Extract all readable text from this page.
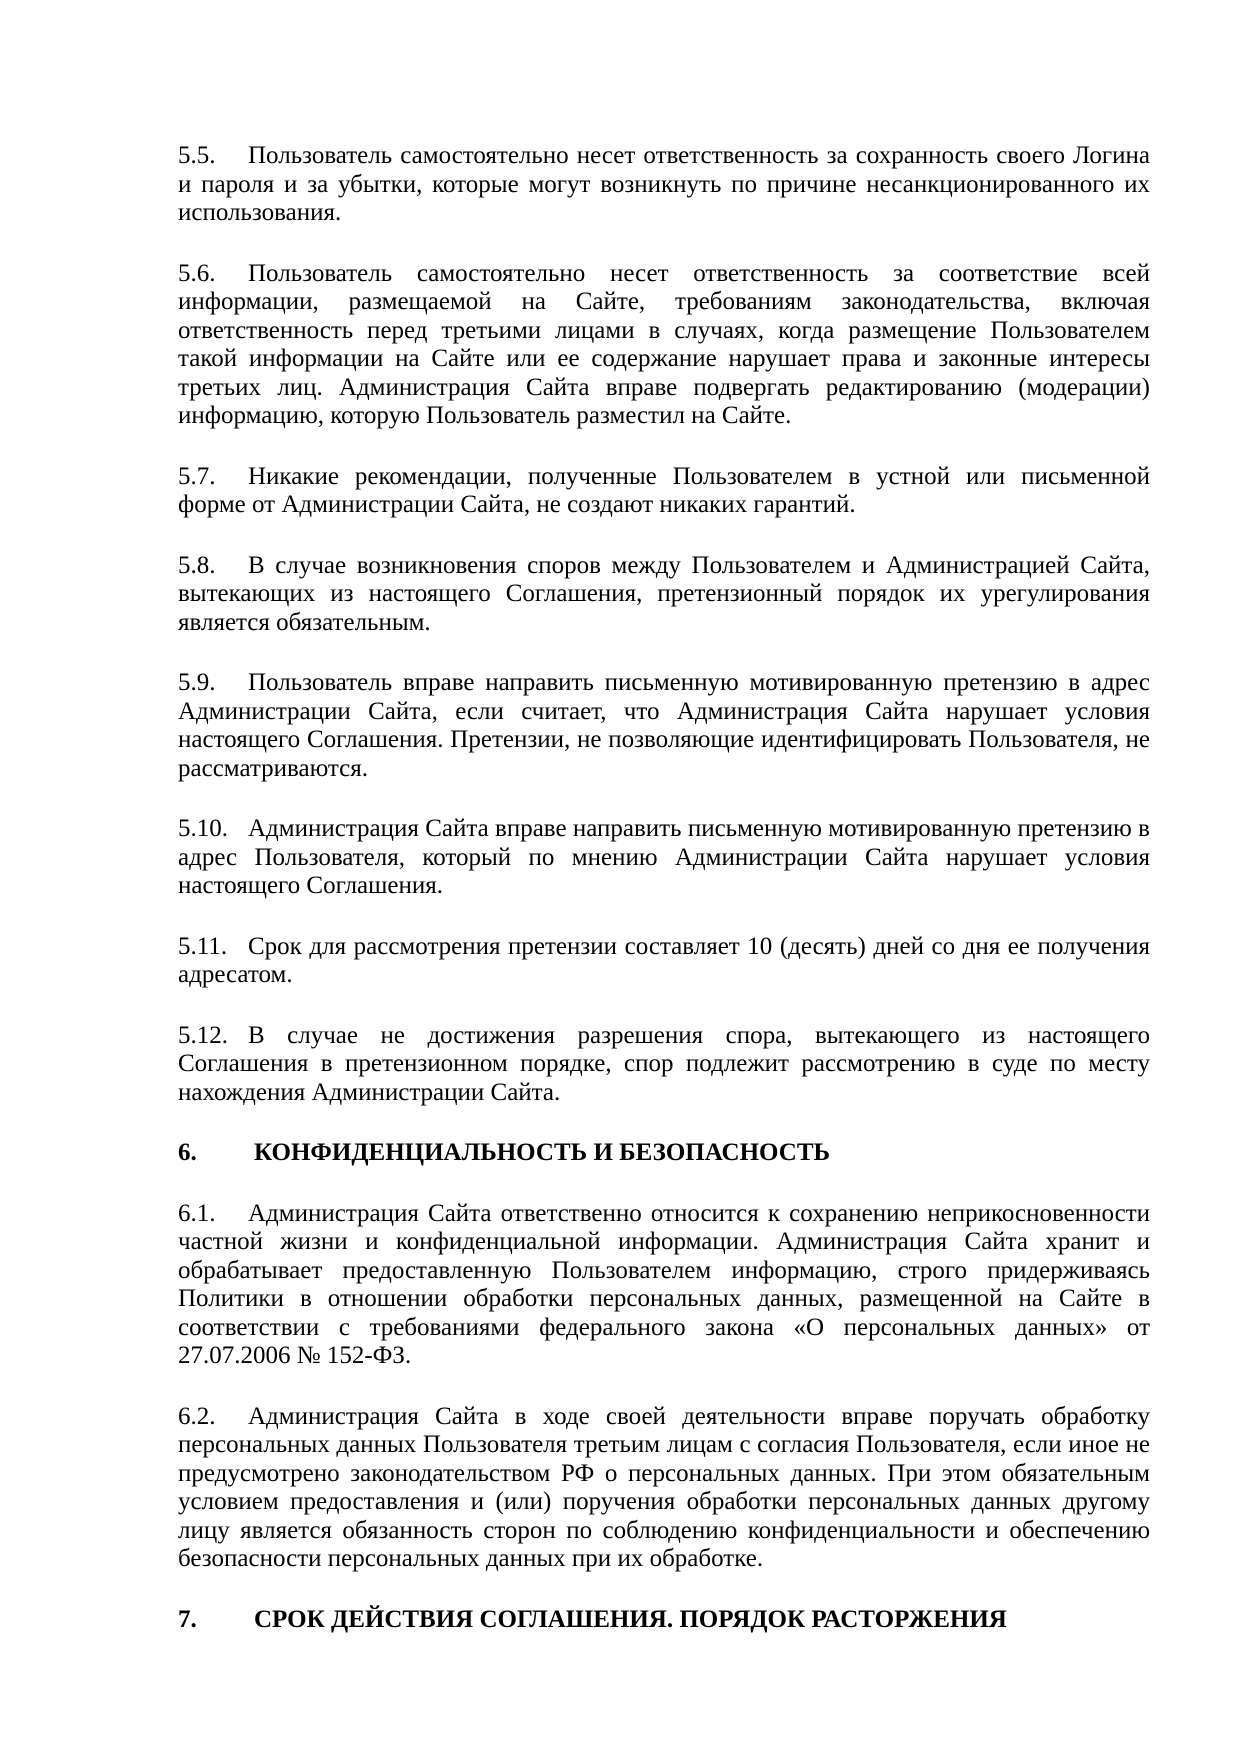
5.5. Пользователь самостоятельно несет ответственность за сохранность своего Логина и пароля и за убытки, которые могут возникнуть по причине несанкционированного их использования.

5.6. Пользователь самостоятельно несет ответственность за соответствие всей информации, размещаемой на Сайте, требованиям законодательства, включая ответственность перед третьими лицами в случаях, когда размещение Пользователем такой информации на Сайте или ее содержание нарушает права и законные интересы третьих лиц. Администрация Сайта вправе подвергать редактированию (модерации) информацию, которую Пользователь разместил на Сайте.

5.7. Никакие рекомендации, полученные Пользователем в устной или письменной форме от Администрации Сайта, не создают никаких гарантий.

5.8. В случае возникновения споров между Пользователем и Администрацией Сайта, вытекающих из настоящего Соглашения, претензионный порядок их урегулирования является обязательным.

5.9. Пользователь вправе направить письменную мотивированную претензию в адрес Администрации Сайта, если считает, что Администрация Сайта нарушает условия настоящего Соглашения. Претензии, не позволяющие идентифицировать Пользователя, не рассматриваются.

5.10. Администрация Сайта вправе направить письменную мотивированную претензию в адрес Пользователя, который по мнению Администрации Сайта нарушает условия настоящего Соглашения.

5.11. Срок для рассмотрения претензии составляет 10 (десять) дней со дня ее получения адресатом.

5.12. В случае не достижения разрешения спора, вытекающего из настоящего Соглашения в претензионном порядке, спор подлежит рассмотрению в суде по месту нахождения Администрации Сайта.

6. КОНФИДЕНЦИАЛЬНОСТЬ И БЕЗОПАСНОСТЬ

6.1. Администрация Сайта ответственно относится к сохранению неприкосновенности частной жизни и конфиденциальной информации. Администрация Сайта хранит и обрабатывает предоставленную Пользователем информацию, строго придерживаясь Политики в отношении обработки персональных данных, размещенной на Сайте в соответствии с требованиями федерального закона «О персональных данных» от 27.07.2006 № 152-ФЗ.

6.2. Администрация Сайта в ходе своей деятельности вправе поручать обработку персональных данных Пользователя третьим лицам с согласия Пользователя, если иное не предусмотрено законодательством РФ о персональных данных. При этом обязательным условием предоставления и (или) поручения обработки персональных данных другому лицу является обязанность сторон по соблюдению конфиденциальности и обеспечению безопасности персональных данных при их обработке.

7. СРОК ДЕЙСТВИЯ СОГЛАШЕНИЯ. ПОРЯДОК РАСТОРЖЕНИЯ
